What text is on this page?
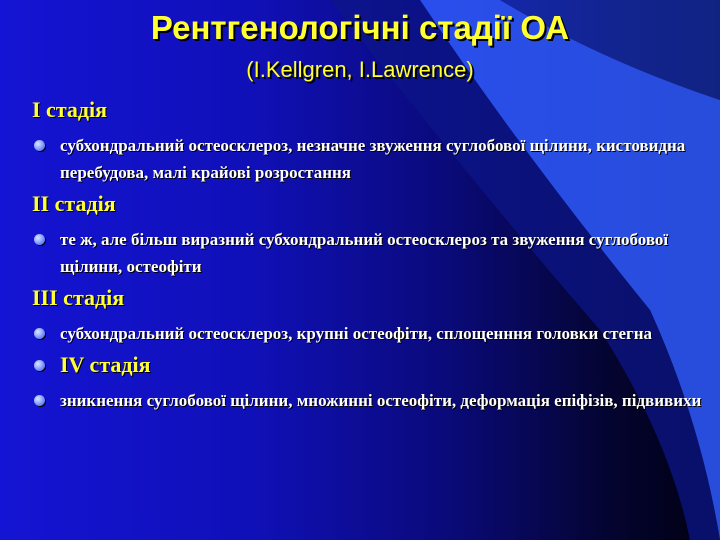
Рентгенологічні стадії ОА
(I.Kellgren, I.Lawrence)
I стадія
субхондральний остеосклероз, незначне звуження суглобової щілини, кистовидна перебудова, малі крайові розростання
II стадія
те ж, але більш виразний субхондральний остеосклероз та звуження суглобової щілини, остеофіти
III стадія
субхондральний остеосклероз, крупні остеофіти, сплощенння головки стегна
IV стадія
зникнення суглобової щілини, множинні остеофіти, деформація епіфізів, підвивихи
